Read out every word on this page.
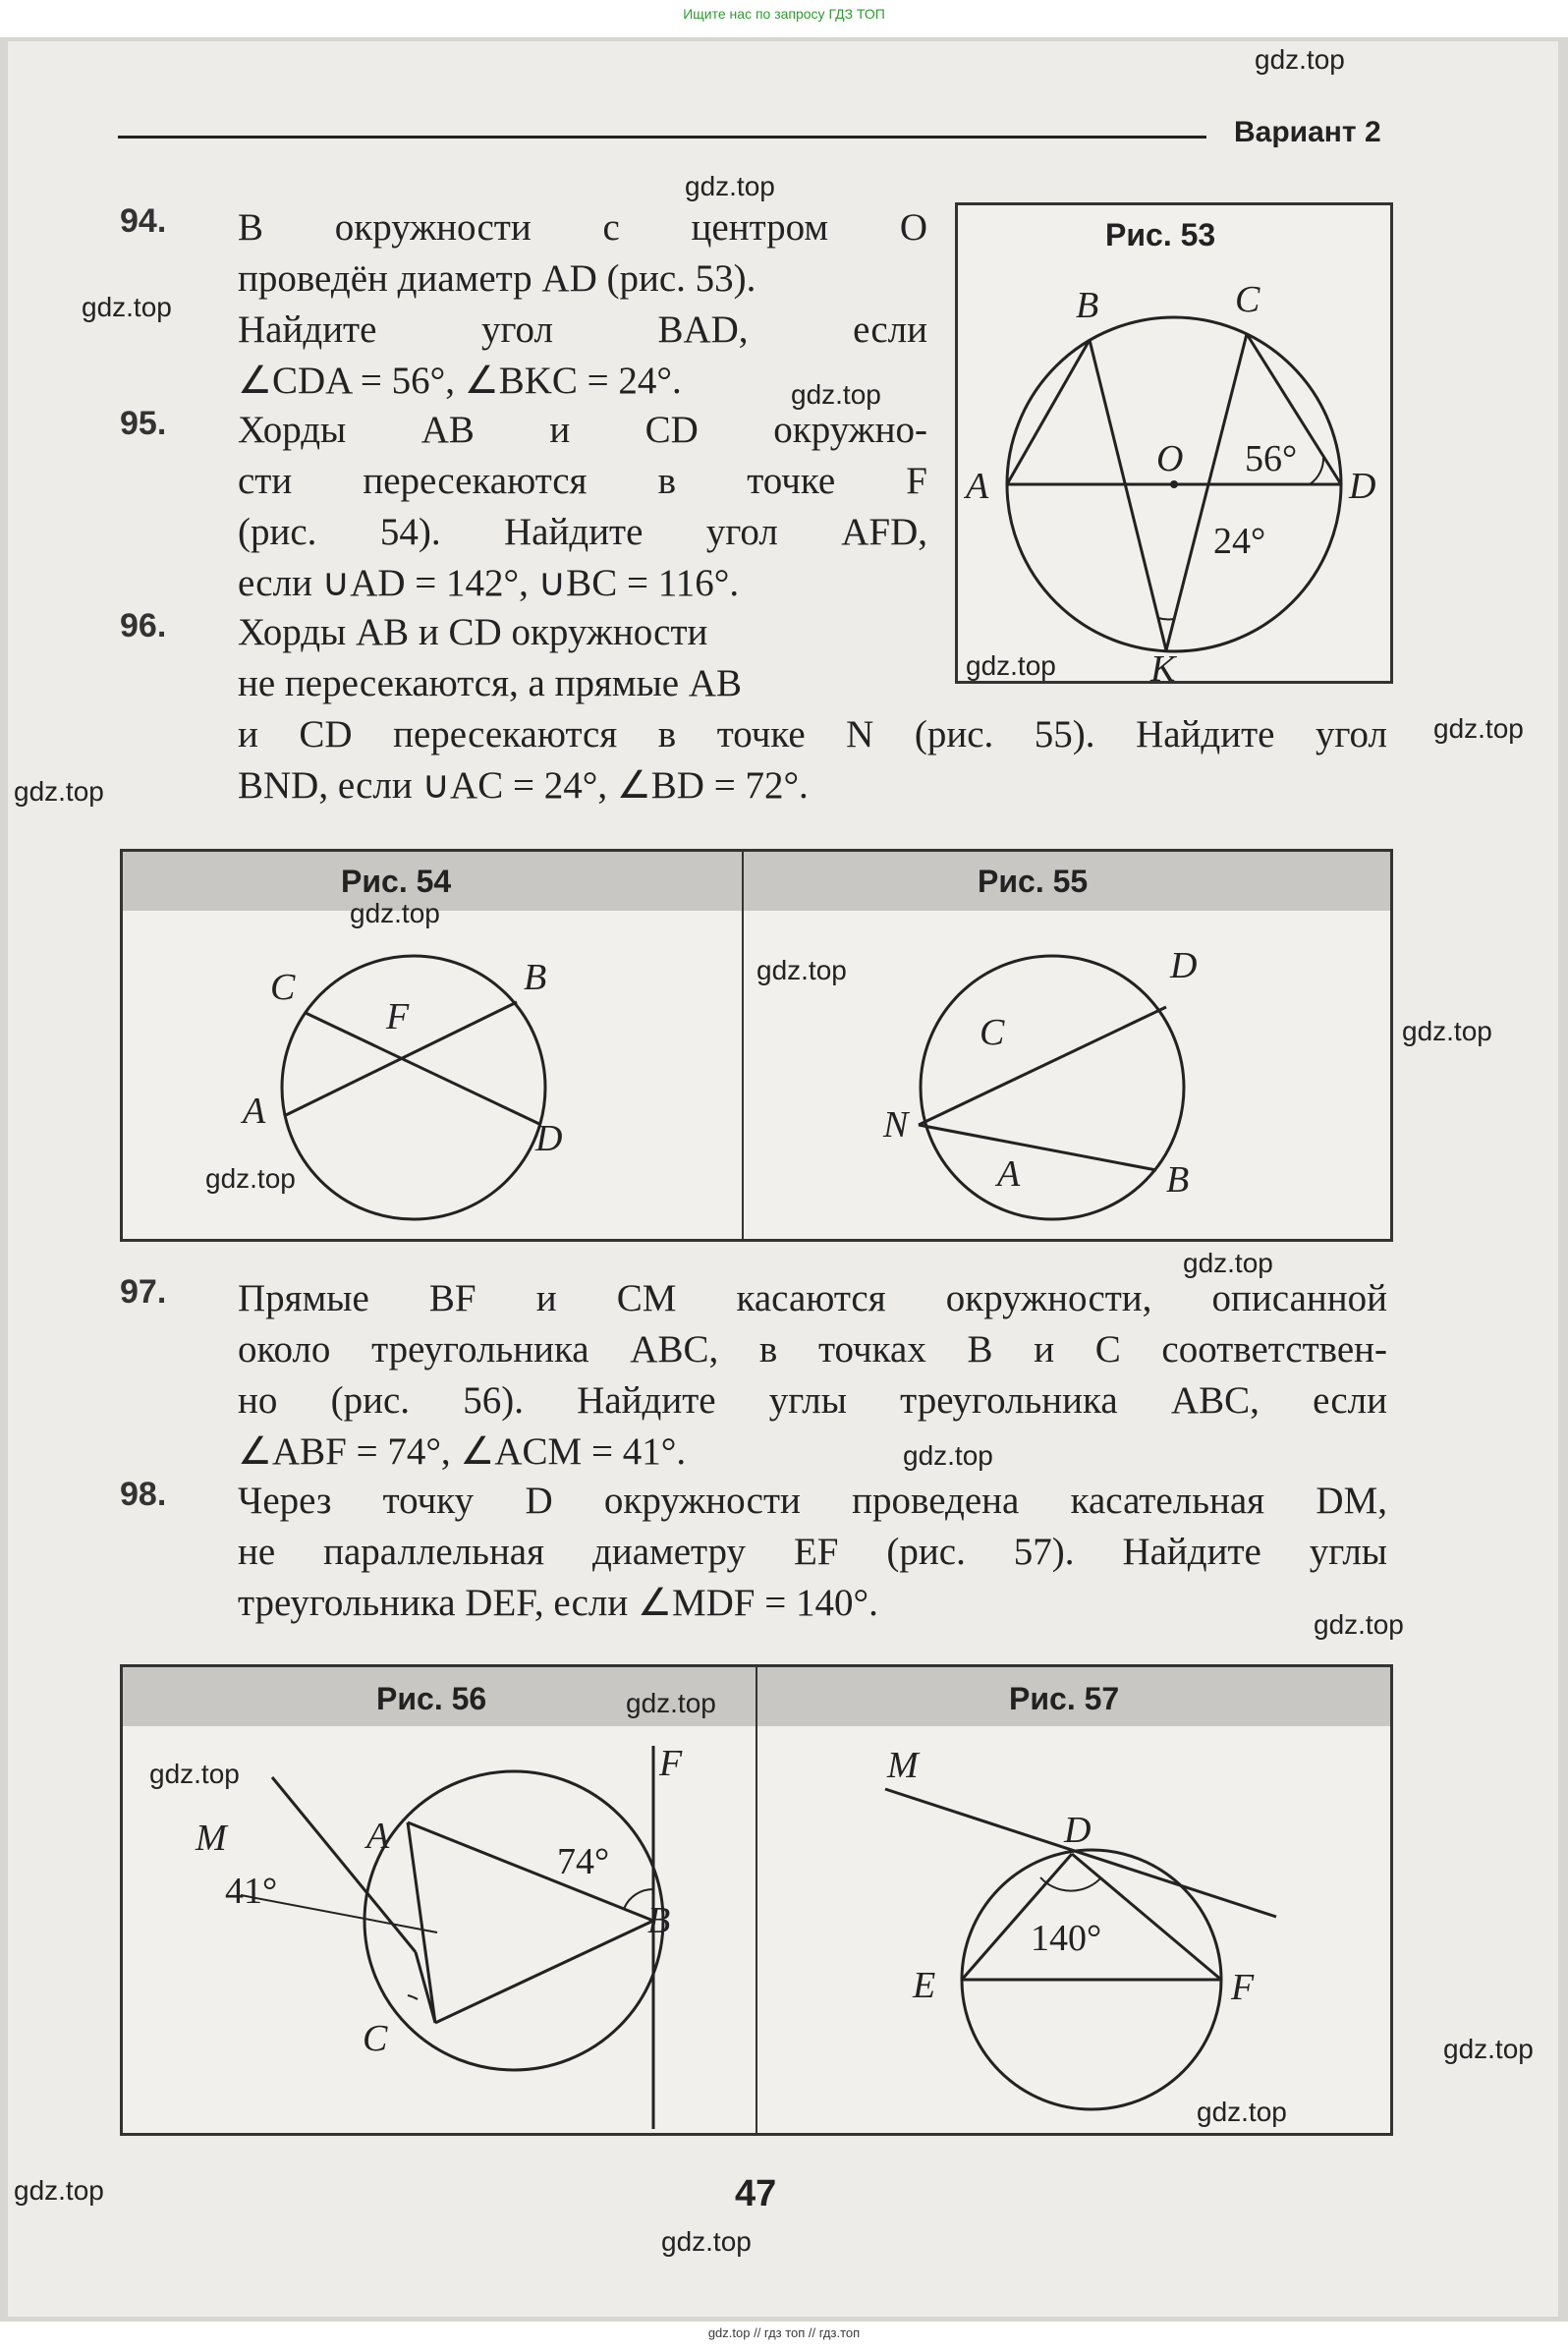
Ищите нас по запросу ГДЗ ТОП
Вариант 2
Рис. 53
A
B	C
D
O
K
56°
24°
94. В окружности с центром O
проведён диаметр AD (рис. 53).
Найдите угол BAD, если
∠CDA = 56°, ∠BKC = 24°.
95. Хорды AB и CD окружно-
сти пересекаются в точке F
(рис. 54). Найдите угол AFD,
если ∪AD = 142°, ∪BC = 116°.
96. Хорды AB и CD окружности
не пересекаются, а прямые AB
и CD пересекаются в точке N (рис. 55). Найдите угол
BND, если ∪AC = 24°, ∠BD = 72°.
Рис. 54	Рис. 55
C
F
B
A
D	N
C
D
A	B
97. Прямые BF и CM касаются окружности, описанной
около треугольника ABC, в точках B и C соответствен-
но (рис. 56). Найдите углы треугольника ABC, если
∠ABF = 74°, ∠ACM = 41°.
98. Через точку D окружности проведена касательная DM,
не параллельная диаметру EF (рис. 57). Найдите углы
треугольника DEF, если ∠MDF = 140°.
Рис. 56	Рис. 57
F
A
M
B
C
74°
41°
M
D
E	F
140°
47
gdz.top
gdz.top
gdz.top
gdz.top
gdz.top
gdz.top
gdz.top
gdz.top
gdz.top
gdz.top
gdz.top
gdz.top
gdz.top
gdz.top
gdz.top
gdz.top
gdz.top
gdz.top
gdz.top
gdz.top
gdz.top // гдз топ // гдз.топ
